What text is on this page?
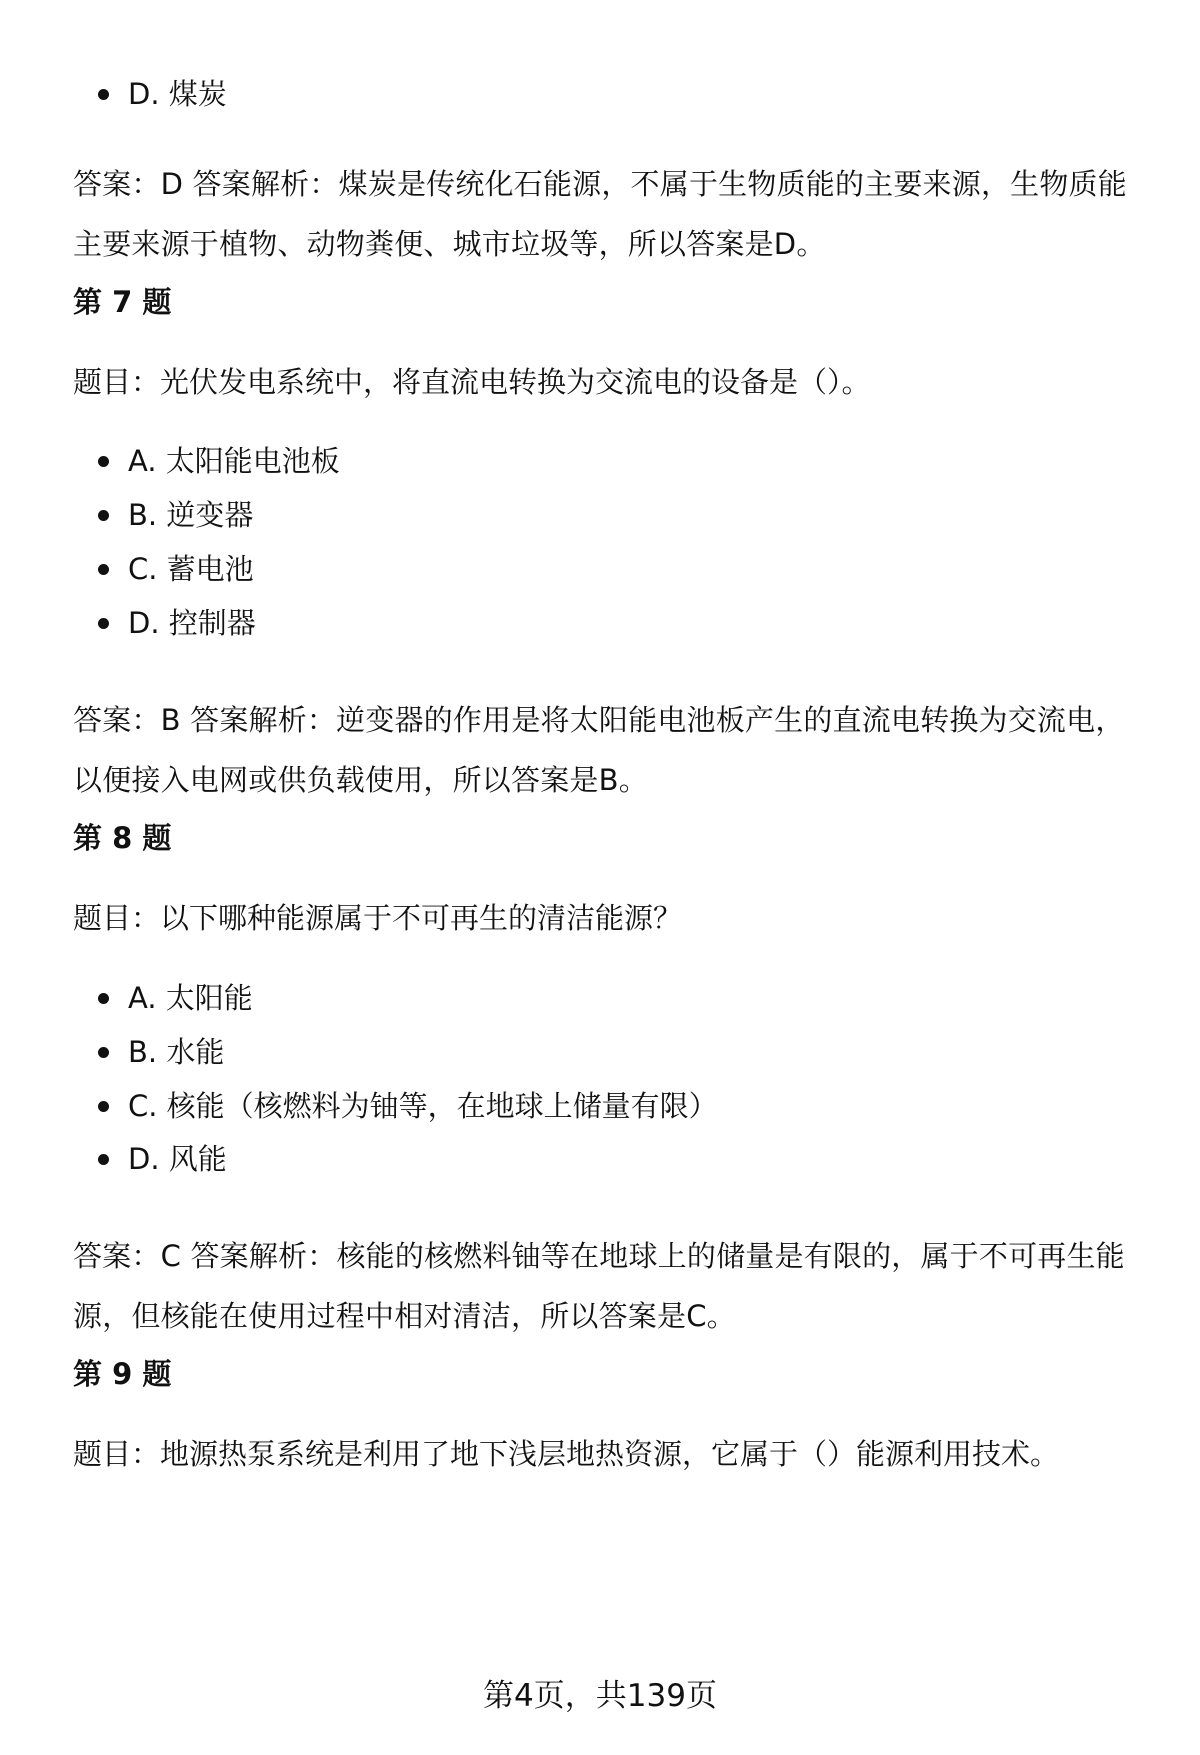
D. 煤炭
答案：D 答案解析：煤炭是传统化石能源，不属于生物质能的主要来源，生物质能主要来源于植物、动物粪便、城市垃圾等，所以答案是D。
第 7 题
题目：光伏发电系统中，将直流电转换为交流电的设备是（）。
A. 太阳能电池板
B. 逆变器
C. 蓄电池
D. 控制器
答案：B 答案解析：逆变器的作用是将太阳能电池板产生的直流电转换为交流电，以便接入电网或供负载使用，所以答案是B。
第 8 题
题目：以下哪种能源属于不可再生的清洁能源？
A. 太阳能
B. 水能
C. 核能（核燃料为铀等，在地球上储量有限）
D. 风能
答案：C 答案解析：核能的核燃料铀等在地球上的储量是有限的，属于不可再生能源，但核能在使用过程中相对清洁，所以答案是C。
第 9 题
题目：地源热泵系统是利用了地下浅层地热资源，它属于（）能源利用技术。
第4页，共139页
